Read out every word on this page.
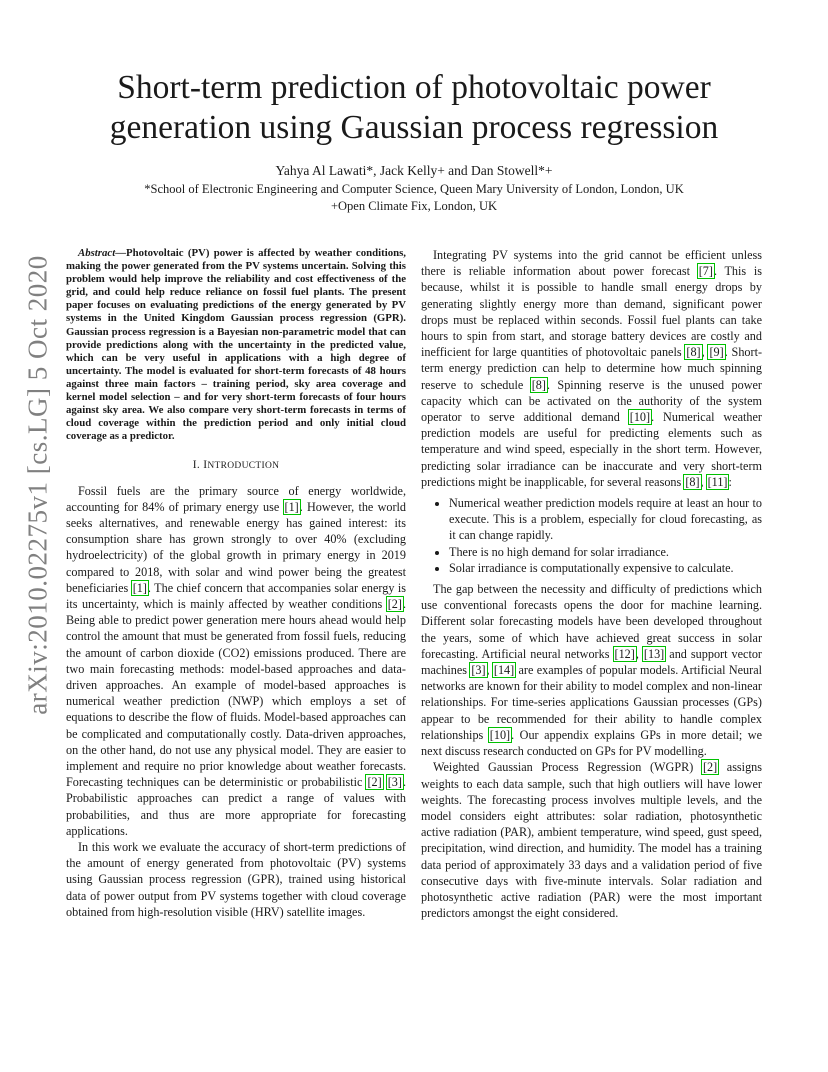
arXiv:2010.02275v1 [cs.LG] 5 Oct 2020
Short-term prediction of photovoltaic power
generation using Gaussian process regression
Yahya Al Lawati*, Jack Kelly+ and Dan Stowell*+
*School of Electronic Engineering and Computer Science, Queen Mary University of London, London, UK
+Open Climate Fix, London, UK

Abstract—Photovoltaic (PV) power is affected by weather conditions, making the power generated from the PV systems uncertain. Solving this problem would help improve the reliability and cost effectiveness of the grid, and could help reduce reliance on fossil fuel plants. The present paper focuses on evaluating predictions of the energy generated by PV systems in the United Kingdom Gaussian process regression (GPR). Gaussian process regression is a Bayesian non-parametric model that can provide predictions along with the uncertainty in the predicted value, which can be very useful in applications with a high degree of uncertainty. The model is evaluated for short-term forecasts of 48 hours against three main factors – training period, sky area coverage and kernel model selection – and for very short-term forecasts of four hours against sky area. We also compare very short-term forecasts in terms of cloud coverage within the prediction period and only initial cloud coverage as a predictor.

I. INTRODUCTION

Fossil fuels are the primary source of energy worldwide, accounting for 84% of primary energy use [1]. However, the world seeks alternatives, and renewable energy has gained interest: its consumption share has grown strongly to over 40% (excluding hydroelectricity) of the global growth in primary energy in 2019 compared to 2018, with solar and wind power being the greatest beneficiaries [1]. The chief concern that accompanies solar energy is its uncertainty, which is mainly affected by weather conditions [2]. Being able to predict power generation mere hours ahead would help control the amount that must be generated from fossil fuels, reducing the amount of carbon dioxide (CO2) emissions produced. There are two main forecasting methods: model-based approaches and data-driven approaches. An example of model-based approaches is numerical weather prediction (NWP) which employs a set of equations to describe the flow of fluids. Model-based approaches can be complicated and computationally costly. Data-driven approaches, on the other hand, do not use any physical model. They are easier to implement and require no prior knowledge about weather forecasts. Forecasting techniques can be deterministic or probabilistic [2] [3]. Probabilistic approaches can predict a range of values with probabilities, and thus are more appropriate for forecasting applications.

In this work we evaluate the accuracy of short-term predictions of the amount of energy generated from photovoltaic (PV) systems using Gaussian process regression (GPR), trained using historical data of power output from PV systems together with cloud coverage obtained from high-resolution visible (HRV) satellite images.

Integrating PV systems into the grid cannot be efficient unless there is reliable information about power forecast [7]. This is because, whilst it is possible to handle small energy drops by generating slightly energy more than demand, significant power drops must be replaced within seconds. Fossil fuel plants can take hours to spin from start, and storage battery devices are costly and inefficient for large quantities of photovoltaic panels [8], [9]. Short-term energy prediction can help to determine how much spinning reserve to schedule [8]. Spinning reserve is the unused power capacity which can be activated on the authority of the system operator to serve additional demand [10]. Numerical weather prediction models are useful for predicting elements such as temperature and wind speed, especially in the short term. However, predicting solar irradiance can be inaccurate and very short-term predictions might be inapplicable, for several reasons [8], [11]:

• Numerical weather prediction models require at least an hour to execute. This is a problem, especially for cloud forecasting, as it can change rapidly.
• There is no high demand for solar irradiance.
• Solar irradiance is computationally expensive to calculate.

The gap between the necessity and difficulty of predictions which use conventional forecasts opens the door for machine learning. Different solar forecasting models have been developed throughout the years, some of which have achieved great success in solar forecasting. Artificial neural networks [12], [13] and support vector machines [3], [14] are examples of popular models. Artificial Neural networks are known for their ability to model complex and non-linear relationships. For time-series applications Gaussian processes (GPs) appear to be recommended for their ability to handle complex relationships [10]. Our appendix explains GPs in more detail; we next discuss research conducted on GPs for PV modelling.

Weighted Gaussian Process Regression (WGPR) [2] assigns weights to each data sample, such that high outliers will have lower weights. The forecasting process involves multiple levels, and the model considers eight attributes: solar radiation, photosynthetic active radiation (PAR), ambient temperature, wind speed, gust speed, precipitation, wind direction, and humidity. The model has a training data period of approximately 33 days and a validation period of five consecutive days with five-minute intervals. Solar radiation and photosynthetic active radiation (PAR) were the most important predictors amongst the eight considered.
